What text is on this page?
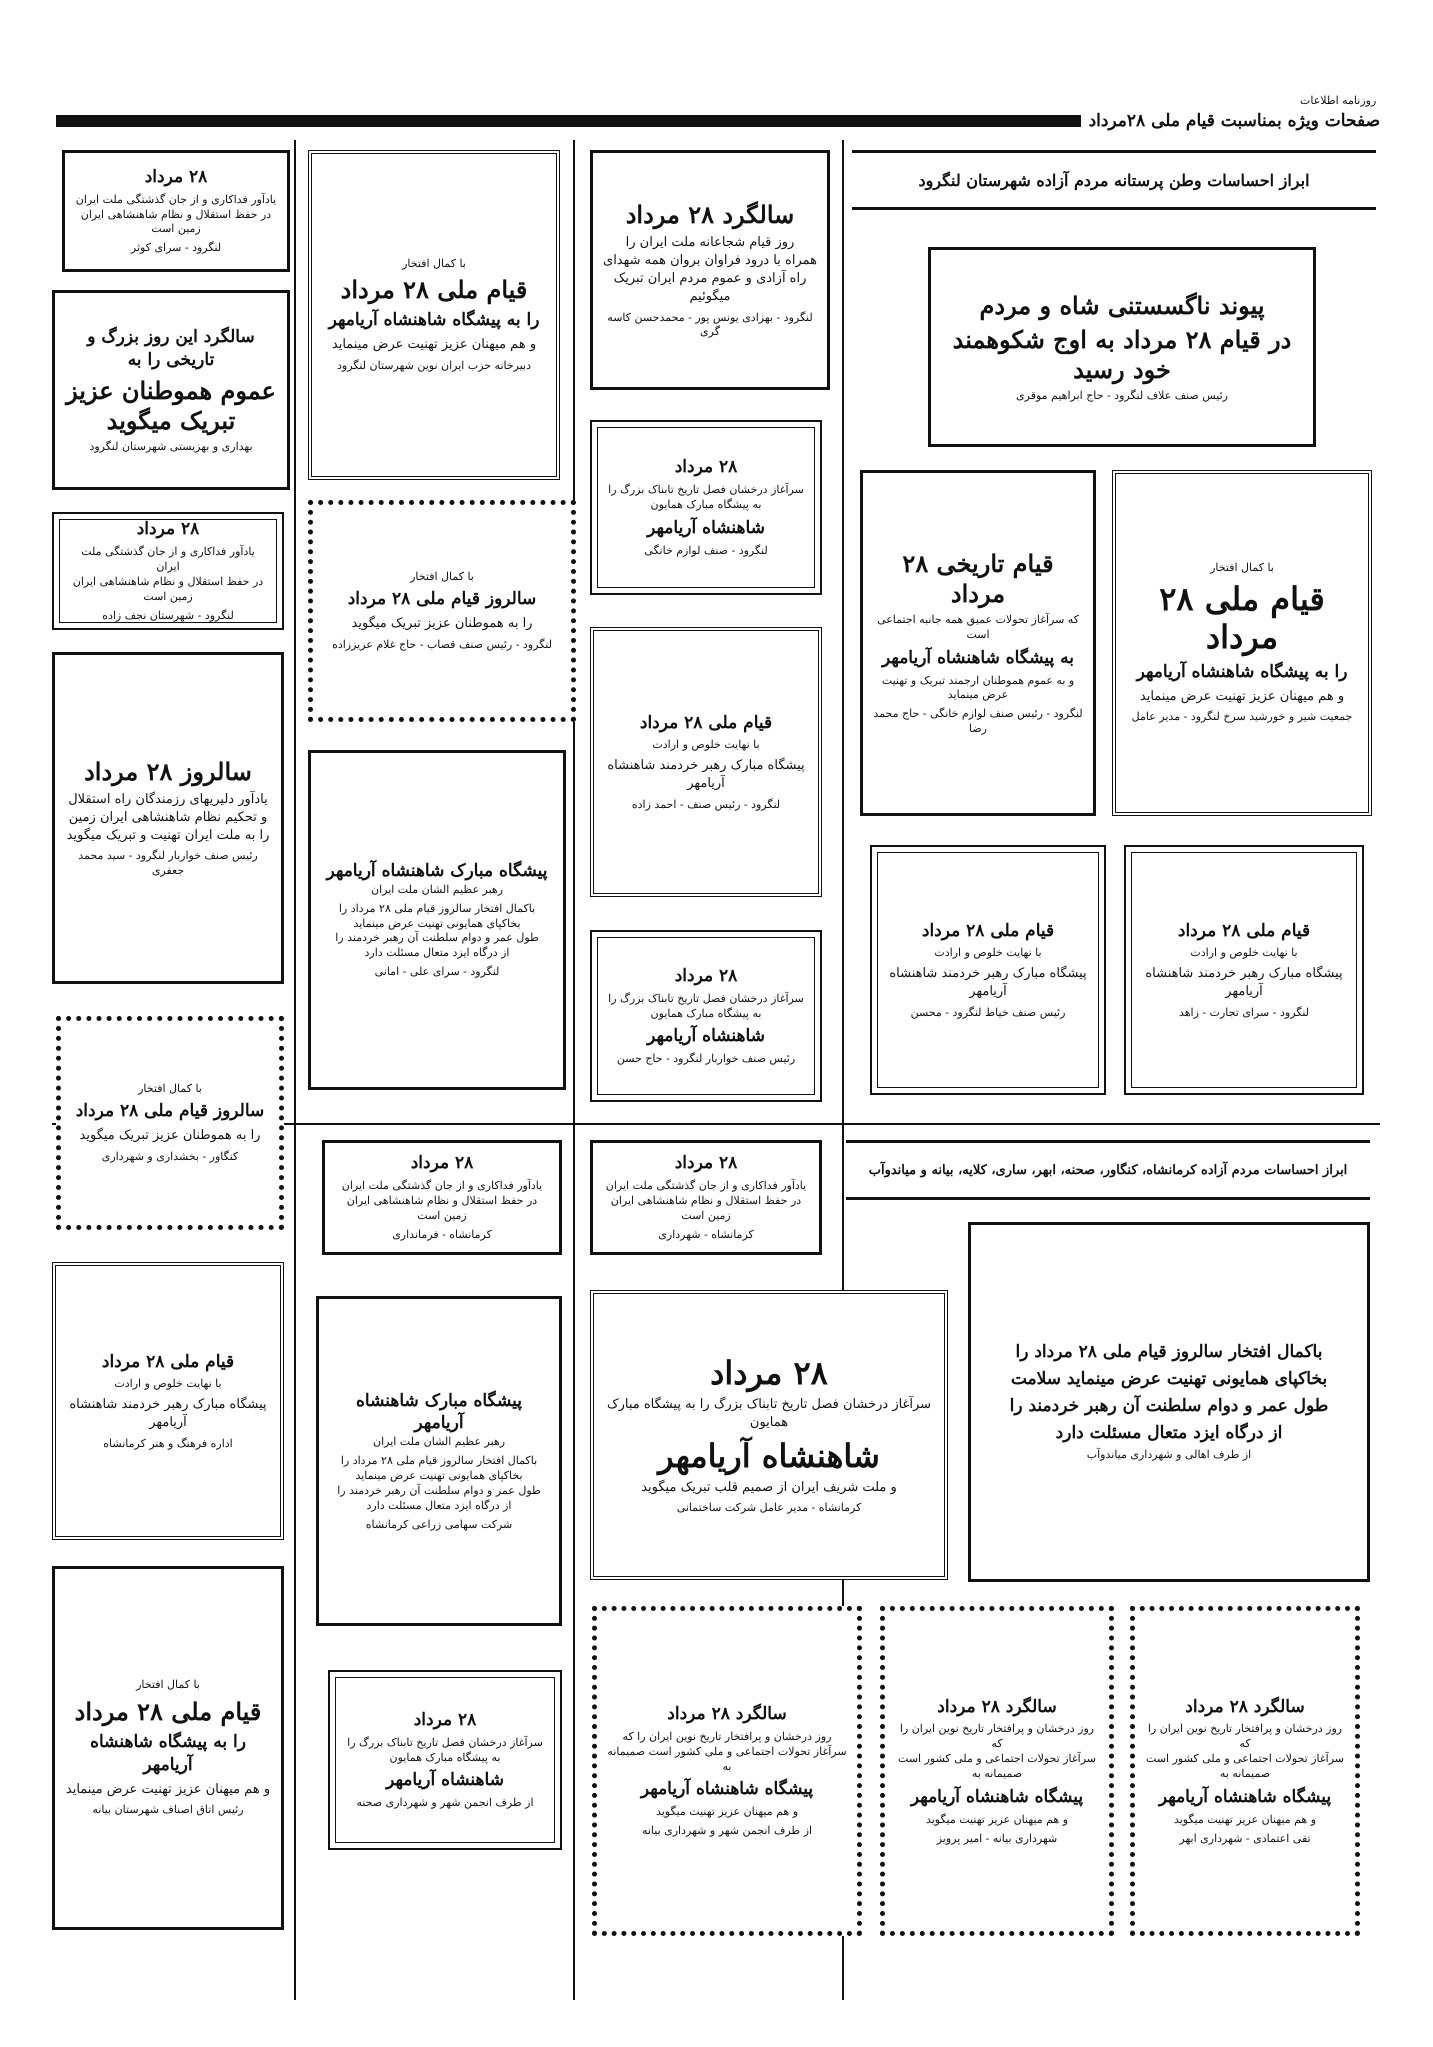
روزنامه اطلاعات
صفحات ویژه بمناسبت قیام ملی ۲۸مرداد
ابراز احساسات وطن پرستانه مردم آزاده شهرستان لنگرود
پیوند ناگسستنی شاه و مردم
در قیام ۲۸ مرداد به اوج شکوهمند خود رسید
رئیس صنف علاف لنگرود - حاج ابراهیم موقری
با کمال افتخار
قیام ملی ۲۸ مرداد
را به پیشگاه شاهنشاه آریامهر
و هم میهنان عزیز تهنیت عرض مینماید
جمعیت شیر و خورشید سرخ لنگرود - مدیر عامل
قیام تاریخی ۲۸ مرداد
که سرآغاز تحولات عمیق همه جانبه اجتماعی است
به پیشگاه شاهنشاه آریامهر
و به عموم هموطنان ارجمند تبریک و تهنیت عرض مینماید
لنگرود - رئیس صنف لوازم خانگی - حاج محمد رضا
قیام ملی ۲۸ مرداد
با نهایت خلوص و ارادت
پیشگاه مبارک رهبر خردمند شاهنشاه آریامهر
لنگرود - سرای تجارت - زاهد
قیام ملی ۲۸ مرداد
با نهایت خلوص و ارادت
پیشگاه مبارک رهبر خردمند شاهنشاه آریامهر
رئیس صنف خیاط لنگرود - محسن
ابراز احساسات مردم آزاده کرمانشاه، کنگاور، صحنه، ابهر، ساری، کلایه، بیانه و میاندوآب
باکمال افتخار سالروز قیام ملی ۲۸ مرداد را
بخاکپای همایونی تهنیت عرض مینماید سلامت
طول عمر و دوام سلطنت آن رهبر خردمند را
از درگاه ایزد متعال مسئلت دارد
از طرف اهالی و شهرداری میاندوآب
سالگرد ۲۸ مرداد
روز درخشان و پرافتخار تاریخ نوین ایران را که
سرآغاز تحولات اجتماعی و ملی کشور است صمیمانه به
پیشگاه شاهنشاه آریامهر
و هم میهنان عزیز تهنیت میگوید
تقی اعتمادی - شهرداری ابهر
سالگرد ۲۸ مرداد
روز درخشان و پرافتخار تاریخ نوین ایران را که
سرآغاز تحولات اجتماعی و ملی کشور است صمیمانه به
پیشگاه شاهنشاه آریامهر
و هم میهنان عزیز تهنیت میگوید
شهرداری بیانه - امیر پرویز
سالگرد ۲۸ مرداد
روز قیام شجاعانه ملت ایران را
همراه با درود فراوان بروان همه شهدای
راه آزادی و عموم مردم ایران تبریک میگوئیم
لنگرود - بهزادی یونس پور - محمدحسن کاسه گری
۲۸ مرداد
سرآغاز درخشان فصل تاریخ تابناک بزرگ را به پیشگاه مبارک همایون
شاهنشاه آریامهر
لنگرود - صنف لوازم خانگی
قیام ملی ۲۸ مرداد
با نهایت خلوص و ارادت
پیشگاه مبارک رهبر خردمند شاهنشاه آریامهر
لنگرود - رئیس صنف - احمد زاده
۲۸ مرداد
سرآغاز درخشان فصل تاریخ تابناک بزرگ را به پیشگاه مبارک همایون
شاهنشاه آریامهر
رئیس صنف خواربار لنگرود - حاج حسن
۲۸ مرداد
یادآور فداکاری و از جان گذشتگی ملت ایران
در حفظ استقلال و نظام شاهنشاهی ایران زمین است
کرمانشاه - شهرداری
۲۸ مرداد
سرآغاز درخشان فصل تاریخ تابناک بزرگ را به پیشگاه مبارک همایون
شاهنشاه آریامهر
و ملت شریف ایران از صمیم قلب تبریک میگوید
کرمانشاه - مدیر عامل شرکت ساختمانی
سالگرد ۲۸ مرداد
روز درخشان و پرافتخار تاریخ نوین ایران را که
سرآغاز تحولات اجتماعی و ملی کشور است صمیمانه به
پیشگاه شاهنشاه آریامهر
و هم میهنان عزیز تهنیت میگوید
از طرف انجمن شهر و شهرداری بیانه
با کمال افتخار
قیام ملی ۲۸ مرداد
را به پیشگاه شاهنشاه آریامهر
و هم میهنان عزیز تهنیت عرض مینماید
دبیرخانه حزب ایران نوین شهرستان لنگرود
با کمال افتخار
سالروز قیام ملی ۲۸ مرداد
را به هموطنان عزیز تبریک میگوید
لنگرود - رئیس صنف قصاب - حاج غلام عزیززاده
پیشگاه مبارک شاهنشاه آریامهر
رهبر عظیم الشان ملت ایران
باکمال افتخار سالروز قیام ملی ۲۸ مرداد را
بخاکپای همایونی تهنیت عرض مینماید
طول عمر و دوام سلطنت آن رهبر خردمند را
از درگاه ایزد متعال مسئلت دارد
لنگرود - سرای علی - امانی
۲۸ مرداد
یادآور فداکاری و از جان گذشتگی ملت ایران
در حفظ استقلال و نظام شاهنشاهی ایران زمین است
کرمانشاه - فرمانداری
پیشگاه مبارک شاهنشاه آریامهر
رهبر عظیم الشان ملت ایران
باکمال افتخار سالروز قیام ملی ۲۸ مرداد را
بخاکپای همایونی تهنیت عرض مینماید
طول عمر و دوام سلطنت آن رهبر خردمند را
از درگاه ایزد متعال مسئلت دارد
شرکت سهامی زراعی کرمانشاه
۲۸ مرداد
سرآغاز درخشان فصل تاریخ تابناک بزرگ را به پیشگاه مبارک همایون
شاهنشاه آریامهر
از طرف انجمن شهر و شهرداری صحنه
۲۸ مرداد
یادآور فداکاری و از جان گذشتگی ملت ایران
در حفظ استقلال و نظام شاهنشاهی ایران زمین است
لنگرود - سرای کوثر
سالگرد این روز بزرگ و تاریخی را به
عموم هموطنان عزیز تبریک میگوید
بهداری و بهزیستی شهرستان لنگرود
۲۸ مرداد
یادآور فداکاری و از جان گذشتگی ملت ایران
در حفظ استقلال و نظام شاهنشاهی ایران زمین است
لنگرود - شهرستان نجف زاده
سالروز ۲۸ مرداد
یادآور دلیریهای رزمندگان راه استقلال
و تحکیم نظام شاهنشاهی ایران زمین
را به ملت ایران تهنیت و تبریک میگوید
رئیس صنف خواربار لنگرود - سید محمد جعفری
با کمال افتخار
سالروز قیام ملی ۲۸ مرداد
را به هموطنان عزیز تبریک میگوید
کنگاور - بخشداری و شهرداری
قیام ملی ۲۸ مرداد
با نهایت خلوص و ارادت
پیشگاه مبارک رهبر خردمند شاهنشاه آریامهر
اداره فرهنگ و هنر کرمانشاه
با کمال افتخار
قیام ملی ۲۸ مرداد
را به پیشگاه شاهنشاه آریامهر
و هم میهنان عزیز تهنیت عرض مینماید
رئیس اتاق اصناف شهرستان بیانه
